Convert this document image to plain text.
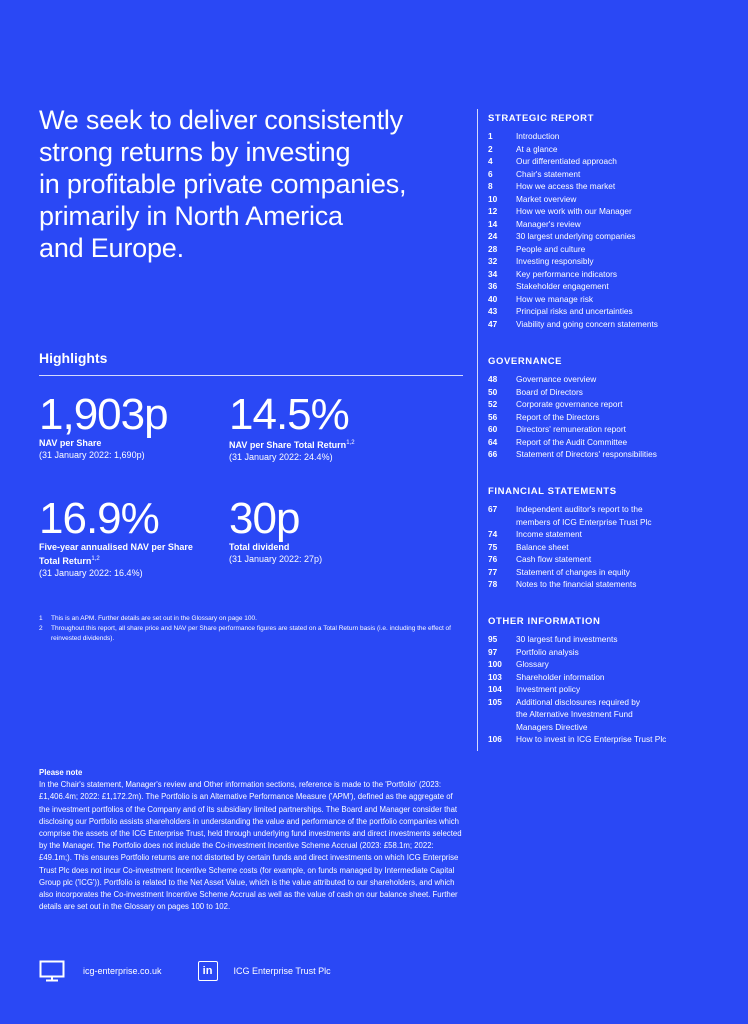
We seek to deliver consistently
strong returns by investing
in profitable private companies,
primarily in North America
and Europe.
Highlights
1,903p
NAV per Share
(31 January 2022: 1,690p)
14.5%
NAV per Share Total Return$^{1,2}$
(31 January 2022: 24.4%)
16.9%
Five-year annualised NAV per Share
Total Return$^{1,2}$
(31 January 2022: 16.4%)
30p
Total dividend
(31 January 2022: 27p)
1	This is an APM. Further details are set out in the Glossary on page 100.
2	Throughout this report, all share price and NAV per Share performance figures are stated on a Total Return basis (i.e. including the effect of reinvested dividends).
Please note
In the Chair's statement, Manager's review and Other information sections, reference is made to the 'Portfolio' (2023: £1,406.4m; 2022: £1,172.2m). The Portfolio is an Alternative Performance Measure ('APM'), defined as the aggregate of the investment portfolios of the Company and of its subsidiary limited partnerships. The Board and Manager consider that disclosing our Portfolio assists shareholders in understanding the value and performance of the portfolio companies which comprise the assets of the ICG Enterprise Trust, held through underlying fund investments and direct investments selected by the Manager. The Portfolio does not include the Co-investment Incentive Scheme Accrual (2023: £58.1m; 2022: £49.1m;). This ensures Portfolio returns are not distorted by certain funds and direct investments on which ICG Enterprise Trust Plc does not incur Co-investment Incentive Scheme costs (for example, on funds managed by Intermediate Capital Group plc ('ICG')). Portfolio is related to the Net Asset Value, which is the value attributed to our shareholders, and which also incorporates the Co-investment Incentive Scheme Accrual as well as the value of cash on our balance sheet. Further details are set out in the Glossary on pages 100 to 102.
icg-enterprise.co.uk	in	ICG Enterprise Trust Plc
STRATEGIC REPORT
1	Introduction
2	At a glance
4	Our differentiated approach
6	Chair's statement
8	How we access the market
10	Market overview
12	How we work with our Manager
14	Manager's review
24	30 largest underlying companies
28	People and culture
32	Investing responsibly
34	Key performance indicators
36	Stakeholder engagement
40	How we manage risk
43	Principal risks and uncertainties
47	Viability and going concern statements
GOVERNANCE
48	Governance overview
50	Board of Directors
52	Corporate governance report
56	Report of the Directors
60	Directors' remuneration report
64	Report of the Audit Committee
66	Statement of Directors' responsibilities
FINANCIAL STATEMENTS
67	Independent auditor's report to the
members of ICG Enterprise Trust Plc
74	Income statement
75	Balance sheet
76	Cash flow statement
77	Statement of changes in equity
78	Notes to the financial statements
OTHER INFORMATION
95	30 largest fund investments
97	Portfolio analysis
100	Glossary
103	Shareholder information
104	Investment policy
105	Additional disclosures required by
the Alternative Investment Fund
Managers Directive
106	How to invest in ICG Enterprise Trust Plc
